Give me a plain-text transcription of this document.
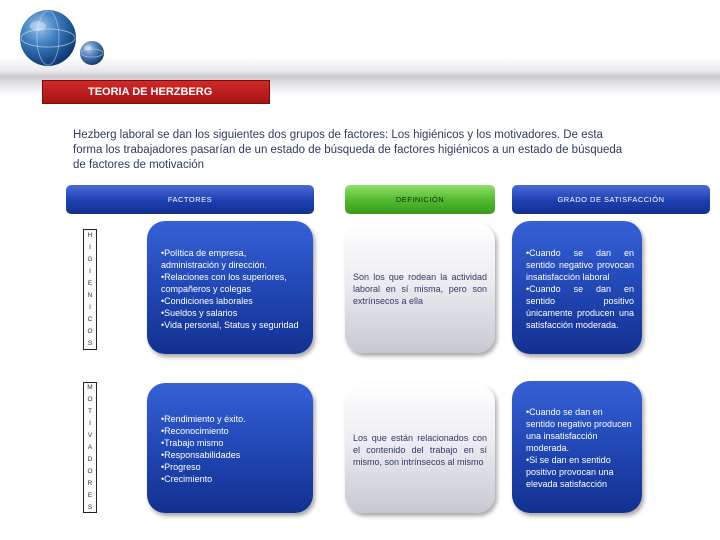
TEORIA DE HERZBERG

Hezberg laboral se dan los siguientes dos grupos de factores: Los higiénicos y los motivadores. De esta forma los trabajadores pasarían de un estado de búsqueda de factores higiénicos a un estado de búsqueda de factores de motivación

FACTORES	DEFINICIÓN	GRADO DE SATISFACCIÓN
H
I
G
I
E
N
I
C
O
S
•Política de empresa, administración y dirección.
•Relaciones con los superiores, compañeros y colegas
•Condiciones laborales
•Sueldos y salarios
•Vida personal, Status y seguridad
Son los que rodean la actividad laboral en sí misma, pero son extrínsecos a ella
•Cuando se dan en sentido negativo provocan insatisfacción laboral
•Cuando se dan en sentido positivo únicamente producen una satisfacción moderada.
M
O
T
I
V
A
D
O
R
E
S
•Rendimiento y éxito.
•Reconocimiento
•Trabajo mismo
•Responsabilidades
•Progreso
•Crecimiento
Los que están relacionados con el contenido del trabajo en sí mismo, son intrínsecos al mismo
•Cuando se dan en sentido negativo producen una insatisfacción moderada.
•Si se dan en sentido positivo provocan una elevada satisfacción
